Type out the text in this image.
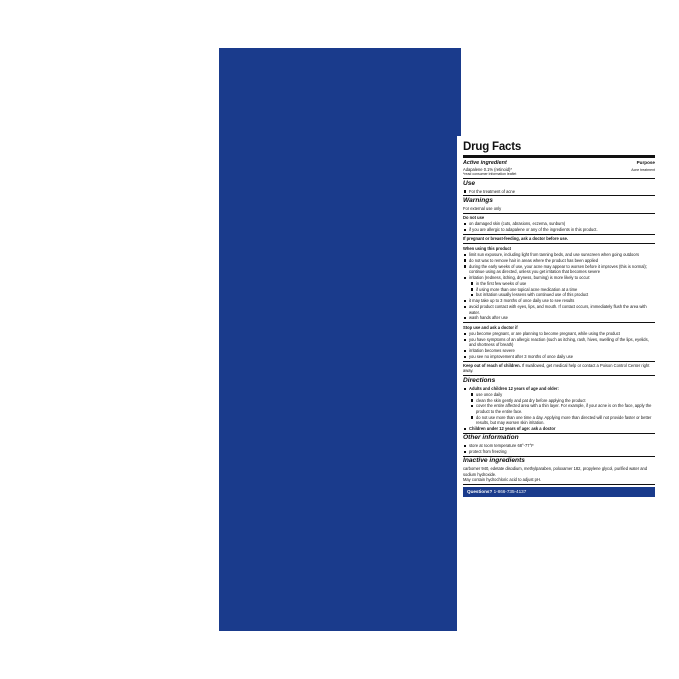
Drug Facts
Active ingredient	Purpose
Adapalene 0.1% (retinoid)*	Acne treatment
*read consumer information leaflet
Use
For the treatment of acne
Warnings
For external use only
Do not use
on damaged skin (cuts, abrasions, eczema, sunburn)
if you are allergic to adapalene or any of the ingredients in this product.
If pregnant or breast-feeding, ask a doctor before use.
When using this product
limit sun exposure, including light from tanning beds, and use sunscreen when going outdoors
do not wax to remove hair in areas where the product has been applied
during the early weeks of use, your acne may appear to worsen before it improves (this is normal); continue using as directed, unless you get irritation that becomes severe
irritation (redness, itching, dryness, burning) is more likely to occur:
in the first few weeks of use
if using more than one topical acne medication at a time
but irritation usually lessens with continued use of this product
it may take up to 3 months of once daily use to see results
avoid product contact with eyes, lips, and mouth. If contact occurs, immediately flush the area with water.
wash hands after use
Stop use and ask a doctor if
you become pregnant, or are planning to become pregnant, while using the product
you have symptoms of an allergic reaction (such as itching, rash, hives, swelling of the lips, eyelids, and shortness of breath)
irritation becomes severe
you see no improvement after 3 months of once daily use
Keep out of reach of children. If swallowed, get medical help or contact a Poison Control Center right away.
Directions
Adults and children 12 years of age and older:
use once daily
clean the skin gently and pat dry before applying the product
cover the entire affected area with a thin layer. For example, if your acne is on the face, apply the product to the entire face.
do not use more than one time a day. Applying more than directed will not provide faster or better results, but may worsen skin irritation.
Children under 12 years of age: ask a doctor
Other information
store at room temperature 68°-77°F
protect from freezing
Inactive ingredients
carbomer 940, edetate disodium, methylparaben, poloxamer 182, propylene glycol, purified water and sodium hydroxide.
May contain hydrochloric acid to adjust pH.
Questions? 1-866-735-4137
